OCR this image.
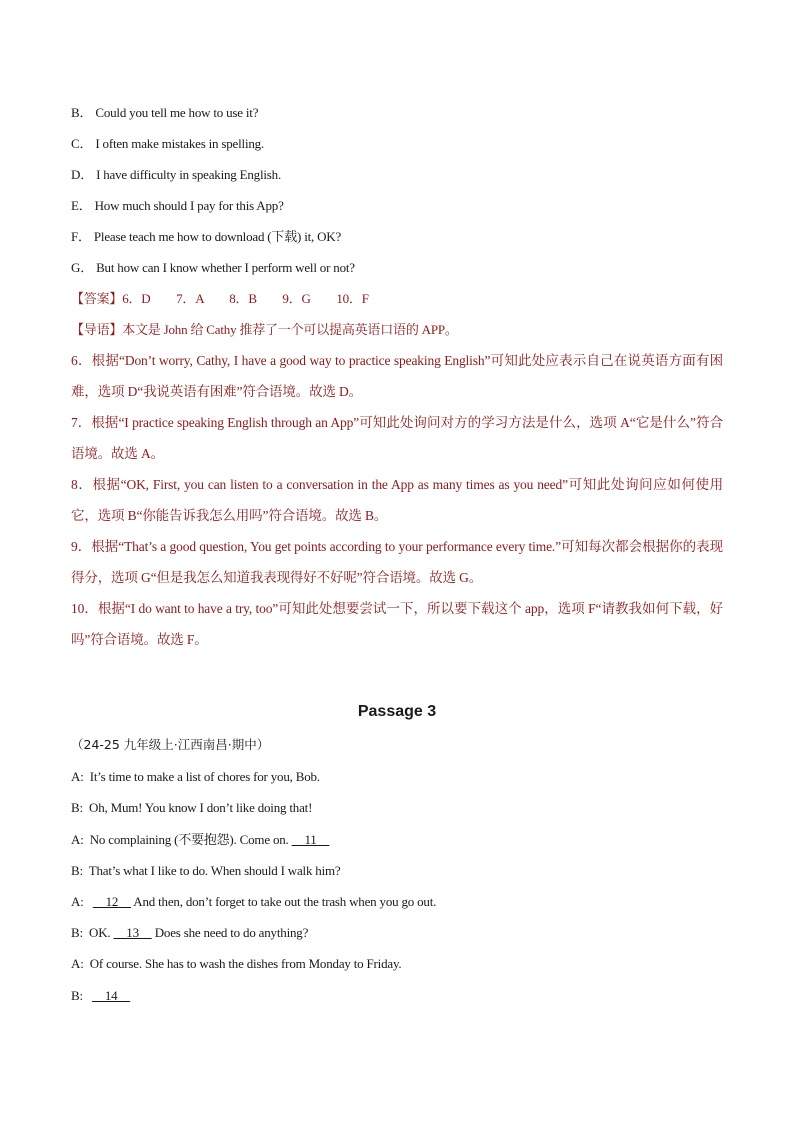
B． Could you tell me how to use it?
C． I often make mistakes in spelling.
D． I have difficulty in speaking English.
E． How much should I pay for this App?
F． Please teach me how to download (下载) it, OK?
G． But how can I know whether I perform well or not?
【答案】6．D　　7．A　　8．B　　9．G　　10．F
【导语】本文是 John 给 Cathy 推荐了一个可以提高英语口语的 APP。
6．根据“Don’t worry, Cathy, I have a good way to practice speaking English”可知此处应表示自己在说英语方面有困难，选项 D“我说英语有困难”符合语境。故选 D。
7．根据“I practice speaking English through an App”可知此处询问对方的学习方法是什么，选项 A“它是什么”符合语境。故选 A。
8．根据“OK, First, you can listen to a conversation in the App as many times as you need”可知此处询问应如何使用它，选项 B“你能告诉我怎么用吗”符合语境。故选 B。
9．根据“That’s a good question, You get points according to your performance every time.”可知每次都会根据你的表现得分，选项 G“但是我怎么知道我表现得好不好呢”符合语境。故选 G。
10．根据“I do want to have a try, too”可知此处想要尝试一下，所以要下载这个 app，选项 F“请教我如何下载，好吗”符合语境。故选 F。
Passage 3
（24-25 九年级上·江西南昌·期中）
A: It’s time to make a list of chores for you, Bob.
B: Oh, Mum! You know I don’t like doing that!
A: No complaining (不要抱怨). Come on. 　11　
B: That’s what I like to do. When should I walk him?
A:   　12　 And then, don’t forget to take out the trash when you go out.
B: OK. 　13　 Does she need to do anything?
A: Of course. She has to wash the dishes from Monday to Friday.
B:   　14　
